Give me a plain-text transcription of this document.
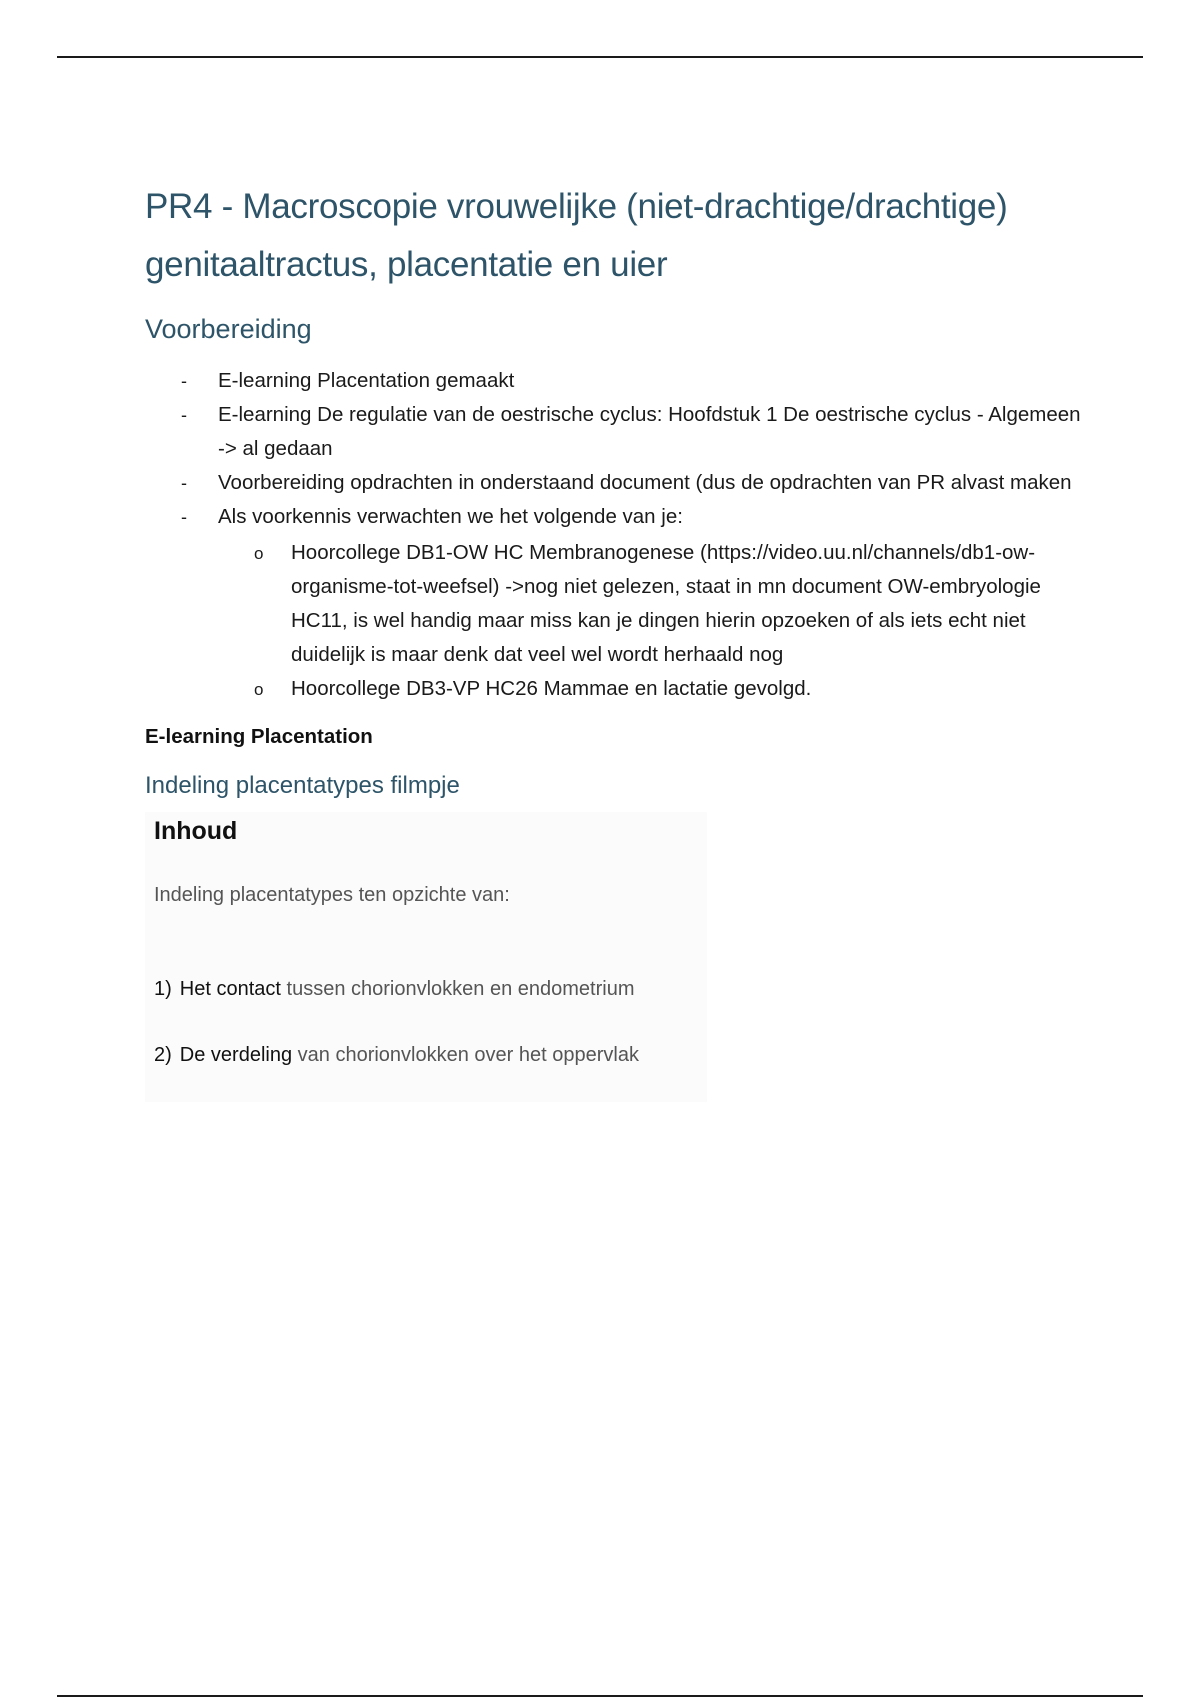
PR4 - Macroscopie vrouwelijke (niet-drachtige/drachtige)
genitaaltractus, placentatie en uier
Voorbereiding
- E-learning Placentation gemaakt
- E-learning De regulatie van de oestrische cyclus: Hoofdstuk 1 De oestrische cyclus - Algemeen -> al gedaan
- Voorbereiding opdrachten in onderstaand document (dus de opdrachten van PR alvast maken
- Als voorkennis verwachten we het volgende van je:
o Hoorcollege DB1-OW HC Membranogenese (https://video.uu.nl/channels/db1-ow-organisme-tot-weefsel) ->nog niet gelezen, staat in mn document OW-embryologie HC11, is wel handig maar miss kan je dingen hierin opzoeken of als iets echt niet duidelijk is maar denk dat veel wel wordt herhaald nog
o Hoorcollege DB3-VP HC26 Mammae en lactatie gevolgd.
E-learning Placentation
Indeling placentatypes filmpje
Inhoud
Indeling placentatypes ten opzichte van:
1) Het contact tussen chorionvlokken en endometrium
2) De verdeling van chorionvlokken over het oppervlak
